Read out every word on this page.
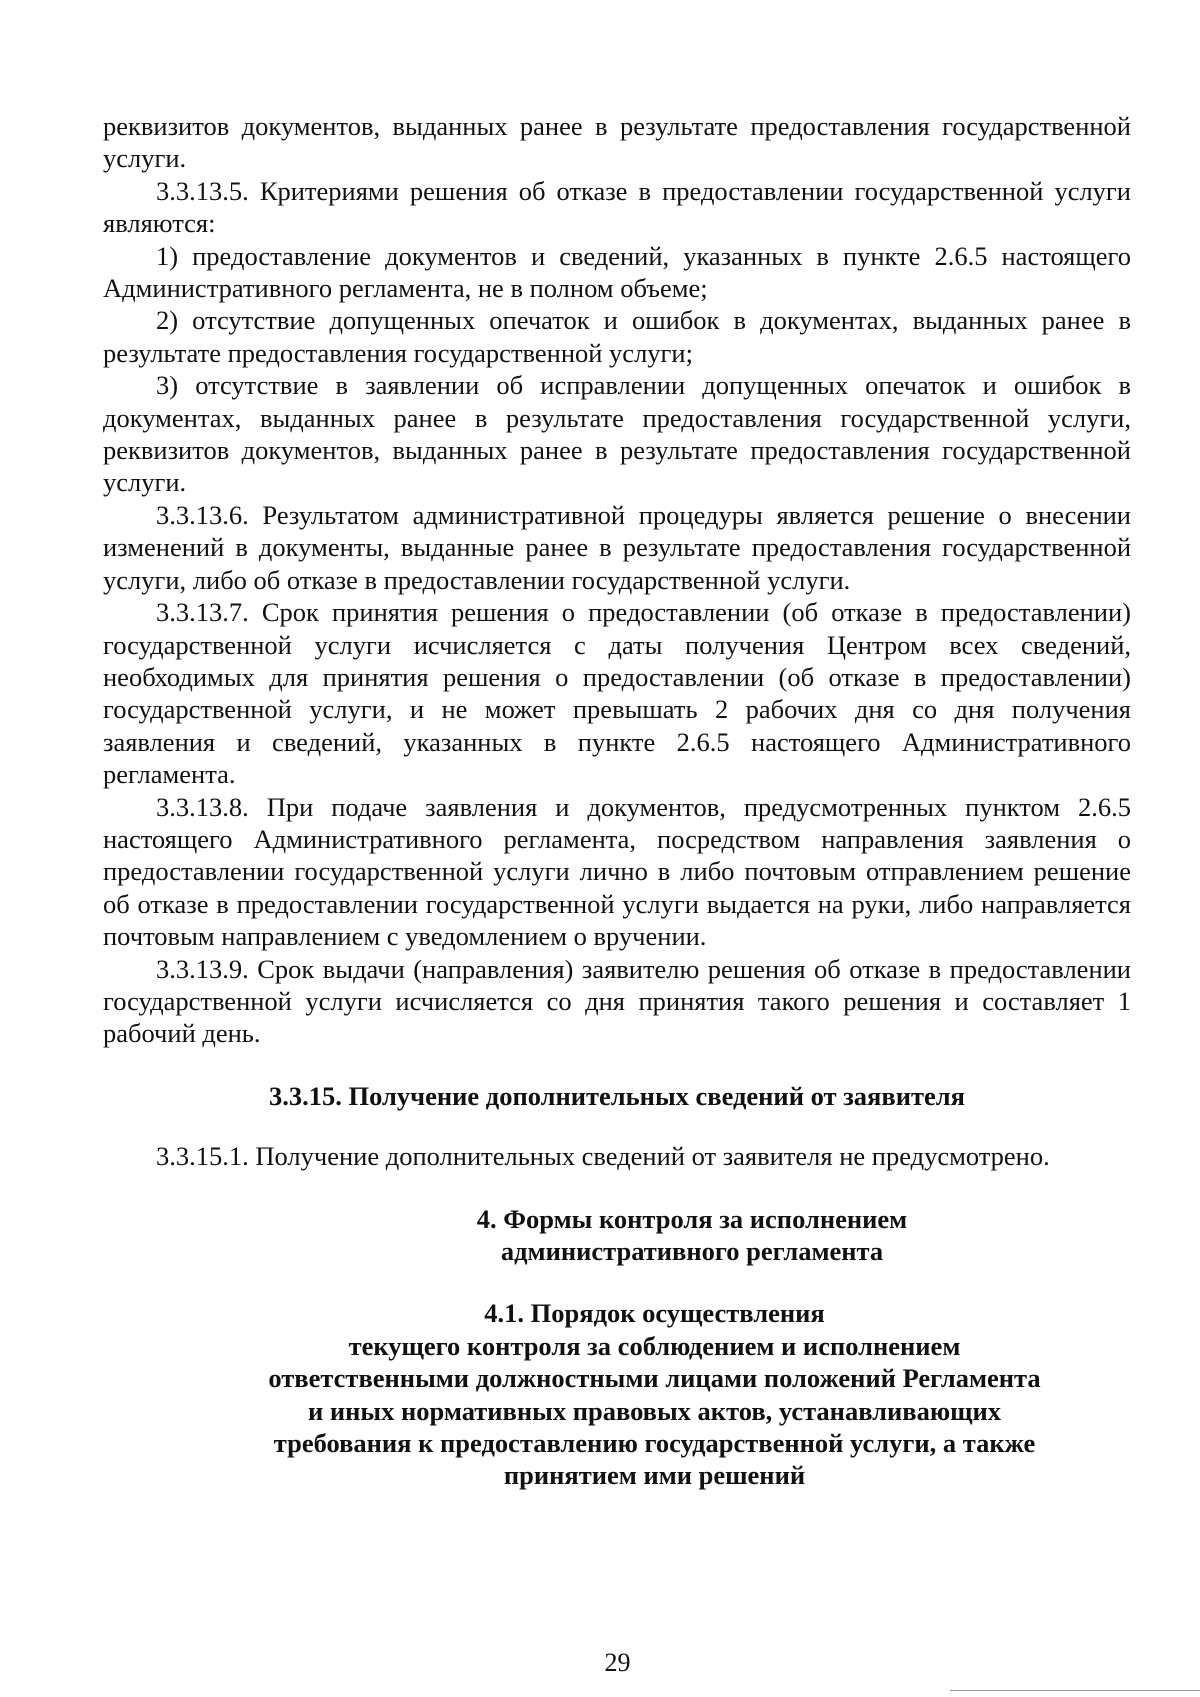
реквизитов документов, выданных ранее в результате предоставления государственной услуги.

3.3.13.5. Критериями решения об отказе в предоставлении государственной услуги являются:

1) предоставление документов и сведений, указанных в пункте 2.6.5 настоящего Административного регламента, не в полном объеме;

2) отсутствие допущенных опечаток и ошибок в документах, выданных ранее в результате предоставления государственной услуги;

3) отсутствие в заявлении об исправлении допущенных опечаток и ошибок в документах, выданных ранее в результате предоставления государственной услуги, реквизитов документов, выданных ранее в результате предоставления государственной услуги.

3.3.13.6. Результатом административной процедуры является решение о внесении изменений в документы, выданные ранее в результате предоставления государственной услуги, либо об отказе в предоставлении государственной услуги.

3.3.13.7. Срок принятия решения о предоставлении (об отказе в предоставлении) государственной услуги исчисляется с даты получения Центром всех сведений, необходимых для принятия решения о предоставлении (об отказе в предоставлении) государственной услуги, и не может превышать 2 рабочих дня со дня получения заявления и сведений, указанных в пункте 2.6.5 настоящего Административного регламента.

3.3.13.8. При подаче заявления и документов, предусмотренных пунктом 2.6.5 настоящего Административного регламента, посредством направления заявления о предоставлении государственной услуги лично в либо почтовым отправлением решение об отказе в предоставлении государственной услуги выдается на руки, либо направляется почтовым направлением с уведомлением о вручении.

3.3.13.9. Срок выдачи (направления) заявителю решения об отказе в предоставлении государственной услуги исчисляется со дня принятия такого решения и составляет 1 рабочий день.

3.3.15. Получение дополнительных сведений от заявителя

3.3.15.1. Получение дополнительных сведений от заявителя не предусмотрено.

4. Формы контроля за исполнением
административного регламента
4.1. Порядок осуществления
текущего контроля за соблюдением и исполнением
ответственными должностными лицами положений Регламента
и иных нормативных правовых актов, устанавливающих
требования к предоставлению государственной услуги, а также
принятием ими решений
29
